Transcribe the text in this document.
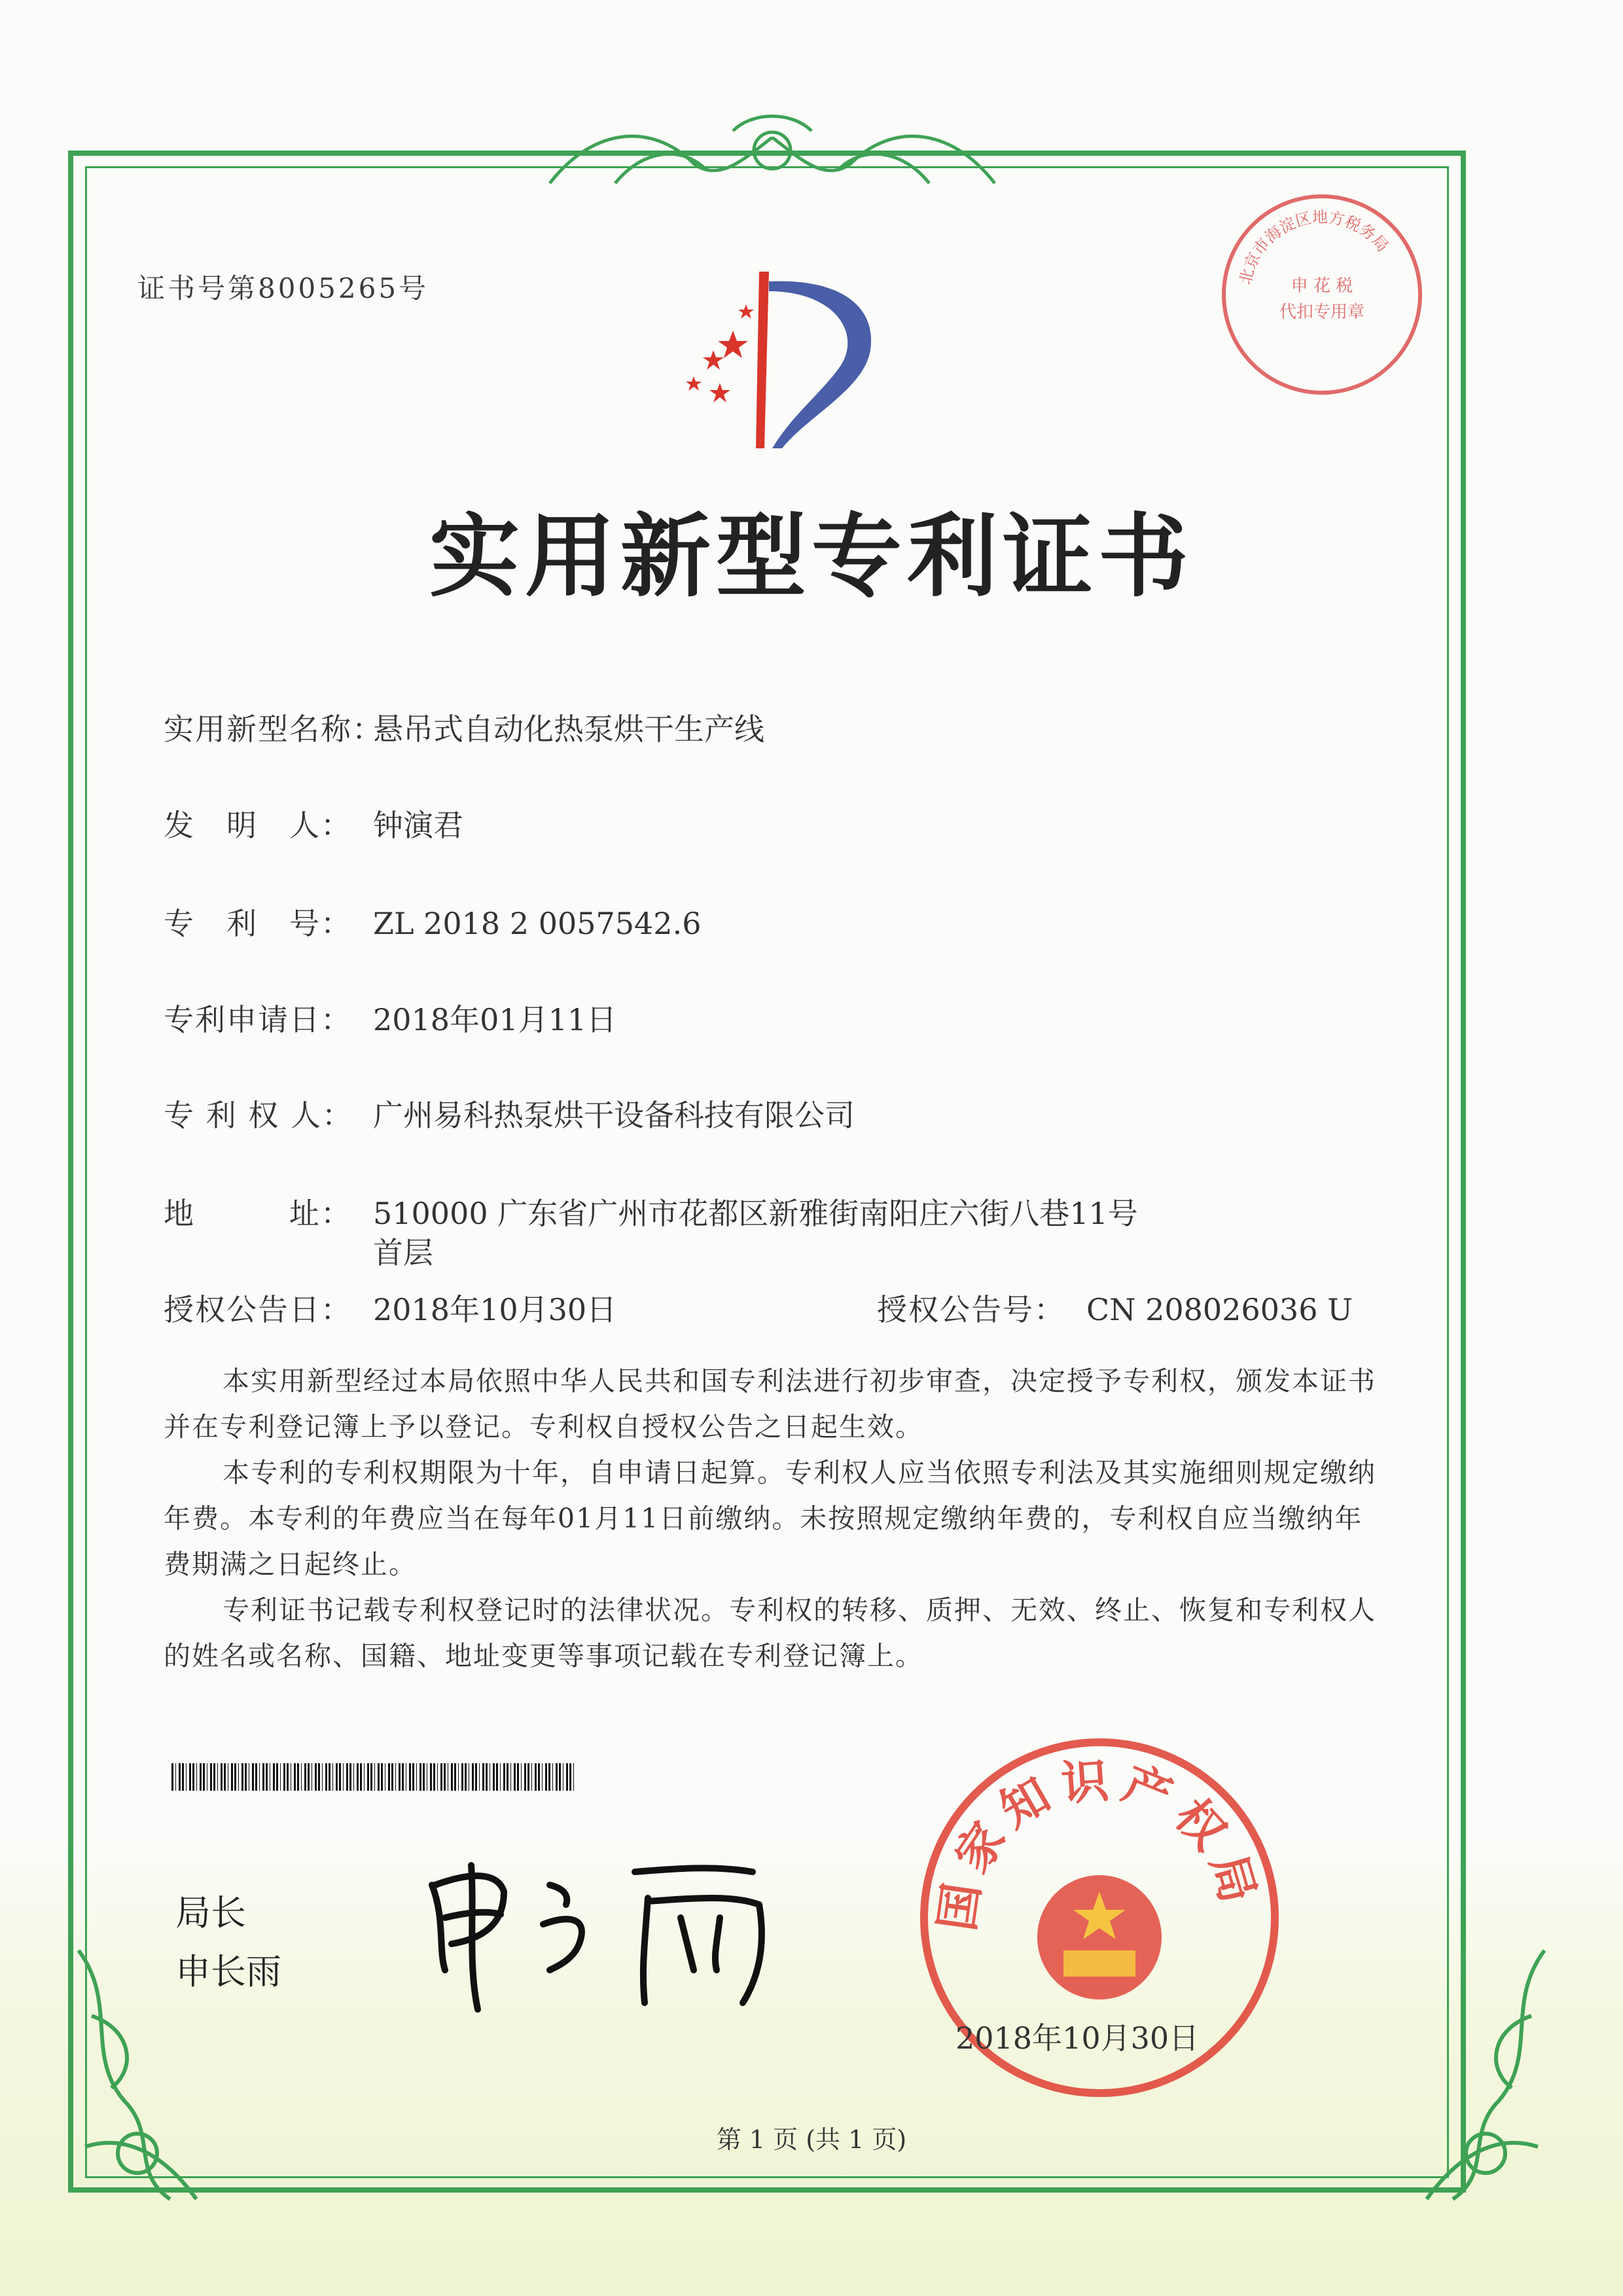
北京市海淀区地方税务局
申 花 税
代扣专用章
证书号第8005265号
实用新型专利证书
实用新型名称：悬吊式自动化热泵烘干生产线
发　明　人： 钟演君
专　利　号： ZL 2018 2 0057542.6
专利申请日： 2018年01月11日
专 利 权 人： 广州易科热泵烘干设备科技有限公司
地　　　址： 510000 广东省广州市花都区新雅街南阳庄六街八巷11号
首层
授权公告日： 2018年10月30日	授权公告号： CN 208026036 U
本实用新型经过本局依照中华人民共和国专利法进行初步审查，决定授予专利权，颁发本证书并在专利登记簿上予以登记。专利权自授权公告之日起生效。
本专利的专利权期限为十年，自申请日起算。专利权人应当依照专利法及其实施细则规定缴纳年费。本专利的年费应当在每年01月11日前缴纳。未按照规定缴纳年费的，专利权自应当缴纳年费期满之日起终止。
专利证书记载专利权登记时的法律状况。专利权的转移、质押、无效、终止、恢复和专利权人的姓名或名称、国籍、地址变更等事项记载在专利登记簿上。
局长
申长雨
国家知识产权局
2018年10月30日
第 1 页 (共 1 页)
